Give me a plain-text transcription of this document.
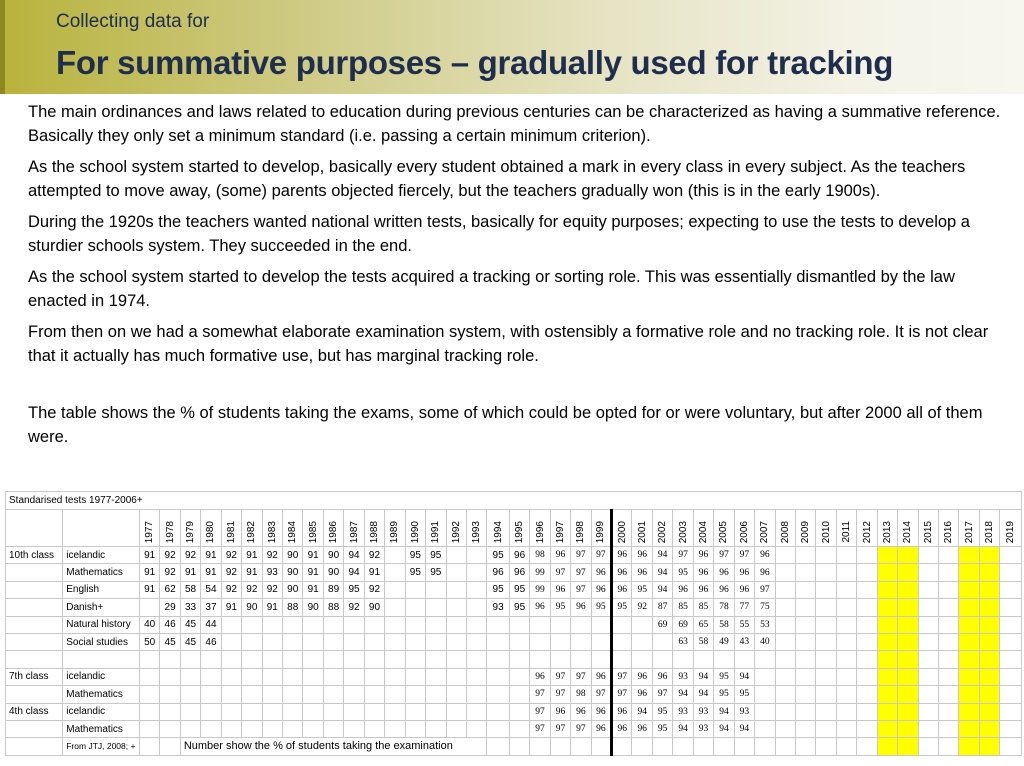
Collecting data for
For summative purposes – gradually used for tracking

The main ordinances and laws related to education during previous centuries can be characterized as having a summative reference. Basically they only set a minimum standard (i.e. passing a certain minimum criterion).

As the school system started to develop, basically every student obtained a mark in every class in every subject. As the teachers attempted to move away, (some) parents objected fiercely, but the teachers gradually won (this is in the early 1900s).

During the 1920s the teachers wanted national written tests, basically for equity purposes; expecting to use the tests to develop a sturdier schools system. They succeeded in the end.

As the school system started to develop the tests acquired a tracking or sorting role. This was essentially dismantled by the law enacted in 1974.

From then on we had a somewhat elaborate examination system, with ostensibly a formative role and no tracking role. It is not clear that it actually has much formative use, but has marginal tracking role.

The table shows the % of students taking the exams, some of which could be opted for or were voluntary, but after 2000 all of them were.

Standarised tests 1977-2006+																																												
		1977	1978	1979	1980	1981	1982	1983	1984	1985	1986	1987	1988	1989	1990	1991	1992	1993	1994	1995	1996	1997	1998	1999	2000	2001	2002	2003	2004	2005	2006	2007	2008	2009	2010	2011	2012	2013	2014	2015	2016	2017	2018	2019
10th class	icelandic	91	92	92	91	92	91	92	90	91	90	94	92		95	95			95	96	98	96	97	97	96	96	94	97	96	97	97	96												
	Mathematics	91	92	91	91	92	91	93	90	91	90	94	91		95	95			96	96	99	97	97	96	96	96	94	95	96	96	96	96												
	English	91	62	58	54	92	92	92	90	91	89	95	92						95	95	99	96	97	96	96	95	94	96	96	96	96	97												
	Danish+		29	33	37	91	90	91	88	90	88	92	90						93	95	96	95	96	95	95	92	87	85	85	78	77	75												
	Natural history	40	46	45	44																						69	69	65	58	55	53												
	Social studies	50	45	45	46																							63	58	49	43	40												

7th class	icelandic																				96	97	97	96	97	96	96	93	94	95	94													
	Mathematics																				97	97	98	97	97	96	97	94	94	95	95													
4th class	icelandic																				97	96	96	96	96	94	95	93	93	94	93													
	Mathematics																				97	97	97	96	96	96	95	94	93	94	94													
	From JTJ, 2008; +			Number show the % of students taking the examination																																								
